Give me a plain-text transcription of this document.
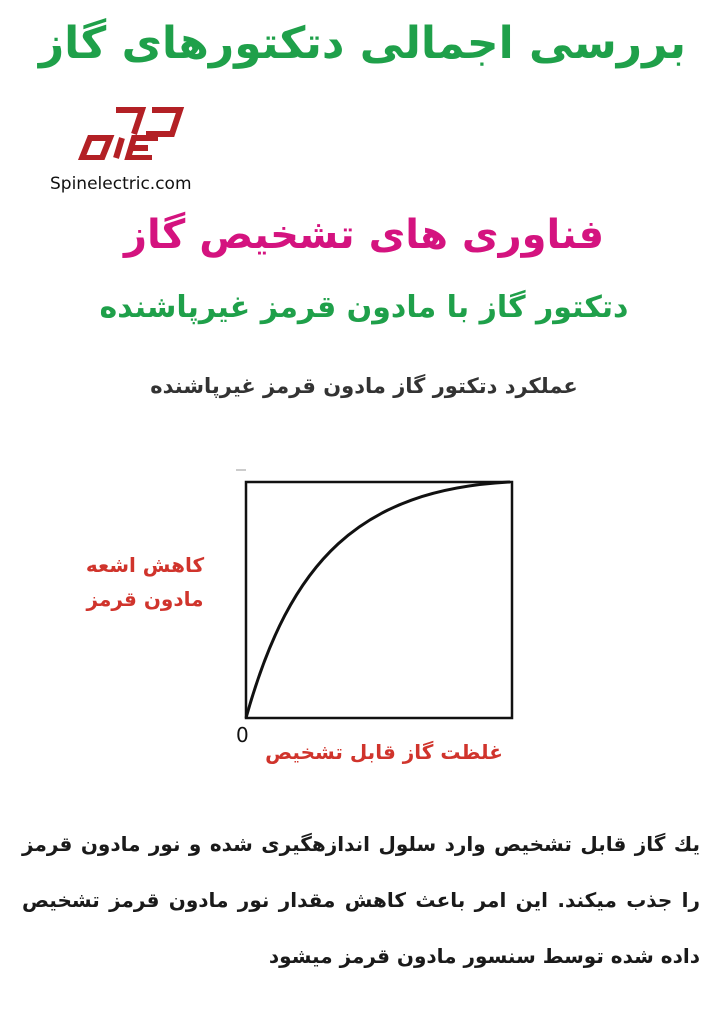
بررسی اجمالی دتکتورهای گاز
Spinelectric.com
فناوری های تشخیص گاز
دتکتور گاز با مادون قرمز غیرپاشنده
عملکرد دتکتور گاز مادون قرمز غیرپاشنده
0
کاهش اشعه مادون قرمز
غلظت گاز قابل تشخیص
يك گاز قابل تشخيص وارد سلول اندازهگیری شده و نور مادون قرمز را جذب میکند. این امر باعث کاهش مقدار نور مادون قرمز تشخیص داده شده توسط سنسور مادون قرمز میشود
